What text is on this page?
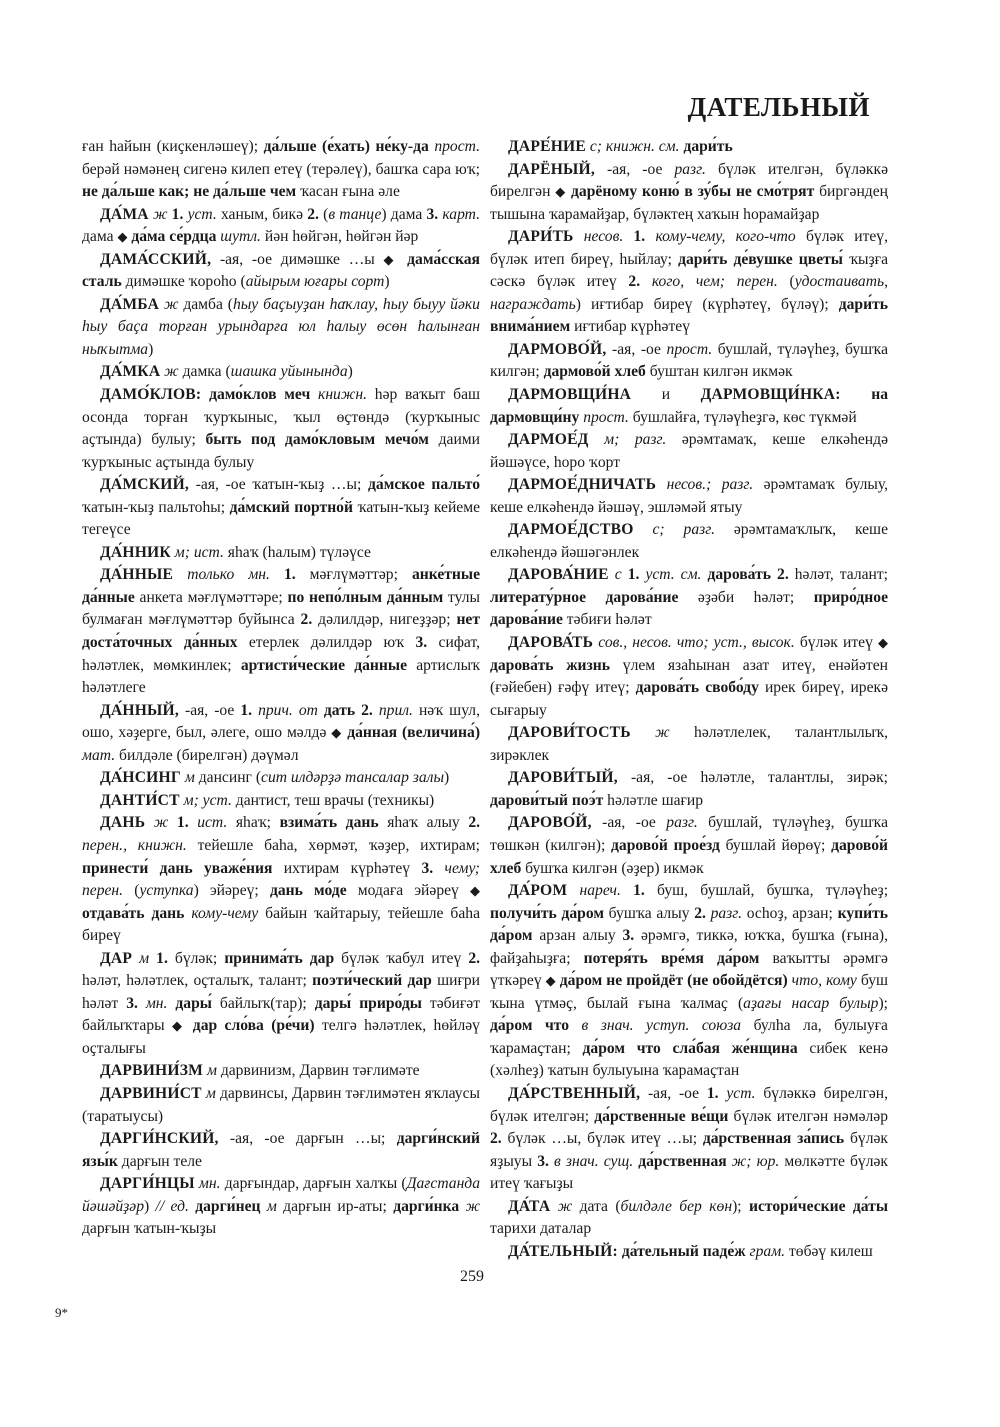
ДАТЕЛЬНЫЙ

ған һайын (киҫкенләшеү); да́льше (е́хать) не́ку-да прост. берәй нәмәнең сигенә килеп етеү (терәлеү), башҡа сара юҡ; не да́льше как; не да́льше чем ҡасан ғына әле

ДА́МА ж 1. уст. ханым, бикә 2. (в танце) дама 3. карт. дама ◆ да́ма се́рдца шутл. йән һөйгән, һөйгән йәр

ДАМА́ССКИЙ, -ая, -ое димәшке …ы ◆ дама́сская сталь димәшке ҡороһо (айырым юғары сорт)

ДА́МБА ж дамба (һыу баҫыуҙан һаҡлау, һыу быуу йәки һыу баҫа торған урындарға юл һалыу өсөн һалынған ныҡытма)

ДА́МКА ж дамка (шашка уйынында)

ДАМО́КЛОВ: дамо́клов меч книжн. һәр ваҡыт баш осонда торған ҡурҡыныс, ҡыл өҫтөндә (ҡурҡыныс аҫтында) булыу; быть под дамо́кловым мечо́м даими ҡурҡыныс аҫтында булыу

ДА́МСКИЙ, -ая, -ое ҡатын-ҡыҙ …ы; да́мское пальто́ ҡатын-ҡыҙ пальтоһы; да́мский портно́й ҡатын-ҡыҙ кейеме тегеүсе

ДА́ННИК м; ист. яһаҡ (һалым) түләүсе

ДА́ННЫЕ только мн. 1. мәғлүмәттәр; анке́тные да́нные анкета мәғлүмәттәре; по непо́лным да́нным тулы булмаған мәғлүмәттәр буйынса 2. дәлилдәр, нигеҙҙәр; нет доста́точных да́нных етерлек дәлилдәр юҡ 3. сифат, һәләтлек, мөмкинлек; артисти́ческие да́нные артислыҡ һәләтлеге

ДА́ННЫЙ, -ая, -ое 1. прич. от дать 2. прил. нәҡ шул, ошо, хәҙерге, был, әлеге, ошо мәлдә ◆ да́нная (величина́) мат. билдәле (бирелгән) дәүмәл

ДА́НСИНГ м дансинг (сит илдәрҙә тансалар залы)

ДАНТИ́СТ м; уст. дантист, теш врачы (техникы)

ДАНЬ ж 1. ист. яһаҡ; взима́ть дань яһаҡ алыу 2. перен., книжн. тейешле баһа, хөрмәт, ҡәҙер, ихтирам; принести́ дань уваже́ния ихтирам күрһәтеү 3. чему; перен. (уступка) эйәреү; дань мо́де модаға эйәреү ◆ отдава́ть дань кому-чему байын ҡайтарыу, тейешле баһа биреү

ДАР м 1. бүләк; принима́ть дар бүләк ҡабул итеү 2. һәләт, һәләтлек, оҫталыҡ, талант; поэти́ческий дар шиғри һәләт 3. мн. дары́ байлыҡ(тар); дары́ приро́ды тәбиғәт байлыҡтары ◆ дар сло́ва (ре́чи) телгә һәләтлек, һөйләү оҫталығы

ДАРВИНИ́ЗМ м дарвинизм, Дарвин тәғлимәте

ДАРВИНИ́СТ м дарвинсы, Дарвин тәғлимәтен яҡлаусы (таратыусы)

ДАРГИ́НСКИЙ, -ая, -ое дарғын …ы; дарги́нский язы́к дарғын теле

ДАРГИ́НЦЫ мн. дарғындар, дарғын халҡы (Дағстанда йәшәйҙәр) // ед. дарги́нец м дарғын ир-аты; дарги́нка ж дарғын ҡатын-ҡыҙы

ДАРЕ́НИЕ с; книжн. см. дари́ть

ДАРЁНЫЙ, -ая, -ое разг. бүләк ителгән, бүләккә бирелгән ◆ дарёному коню́ в зу́бы не смо́трят биргәндең тышына ҡарамайҙар, бүләктең хаҡын һорамайҙар

ДАРИ́ТЬ несов. 1. кому-чему, кого-что бүләк итеү, бүләк итеп биреү, һыйлау; дари́ть де́вушке цветы́ ҡыҙға сәскә бүләк итеү 2. кого, чем; перен. (удостаивать, награждать) иғтибар биреү (күрһәтеү, бүләү); дари́ть внима́нием иғтибар күрһәтеү

ДАРМОВО́Й, -ая, -ое прост. бушлай, түләүһеҙ, бушҡа килгән; дармово́й хлеб буштан килгән икмәк

ДАРМОВЩИ́НА и ДАРМОВЩИ́НКА: на дармовщи́ну прост. бушлайға, түләүһеҙгә, көс түкмәй

ДАРМОЕ́Д м; разг. әрәмтамаҡ, кеше елкәһендә йәшәүсе, һоро ҡорт

ДАРМОЕ́ДНИЧАТЬ несов.; разг. әрәмтамаҡ булыу, кеше елкәһендә йәшәү, эшләмәй ятыу

ДАРМОЕ́ДСТВО с; разг. әрәмтамаҡлыҡ, кеше елкәһендә йәшәгәнлек

ДАРОВА́НИЕ с 1. уст. см. дарова́ть 2. һәләт, талант; литерату́рное дарова́ние әҙәби һәләт; приро́дное дарова́ние тәбиғи һәләт

ДАРОВА́ТЬ сов., несов. что; уст., высок. бүләк итеү ◆ дарова́ть жизнь үлем язаһынан азат итеү, енәйәтен (ғәйебен) ғәфү итеү; дарова́ть свобо́ду ирек биреү, ирекә сығарыу

ДАРОВИ́ТОСТЬ ж һәләтлелек, талантлылыҡ, зирәклек

ДАРОВИ́ТЫЙ, -ая, -ое һәләтле, талантлы, зирәк; дарови́тый поэ́т һәләтле шағир

ДАРОВО́Й, -ая, -ое разг. бушлай, түләүһеҙ, бушҡа төшкән (килгән); дарово́й прое́зд бушлай йөрөү; дарово́й хлеб бушҡа килгән (әҙер) икмәк

ДА́РОМ нареч. 1. буш, бушлай, бушҡа, түләүһеҙ; получи́ть да́ром бушҡа алыу 2. разг. осһоҙ, арзан; купи́ть да́ром арзан алыу 3. әрәмгә, тиккә, юҡҡа, бушҡа (ғына), файҙаһыҙға; потеря́ть вре́мя да́ром ваҡытты әрәмгә үткәреү ◆ да́ром не пройдёт (не обойдётся) что, кому буш ҡына үтмәҫ, былай ғына ҡалмаҫ (аҙағы насар булыр); да́ром что в знач. уступ. союза булһа ла, булыуға ҡарамаҫтан; да́ром что сла́бая же́нщина сибек кенә (хәлһеҙ) ҡатын булыуына ҡарамаҫтан

ДА́РСТВЕННЫЙ, -ая, -ое 1. уст. бүләккә бирелгән, бүләк ителгән; да́рственные ве́щи бүләк ителгән нәмәләр 2. бүләк …ы, бүләк итеү …ы; да́рственная за́пись бүләк яҙыуы 3. в знач. сущ. да́рственная ж; юр. мөлкәтте бүләк итеү ҡағыҙы

ДА́ТА ж дата (билдәле бер көн); истори́ческие да́ты тарихи даталар

ДА́ТЕЛЬНЫЙ: да́тельный паде́ж грам. төбәү килеш

259
9*
